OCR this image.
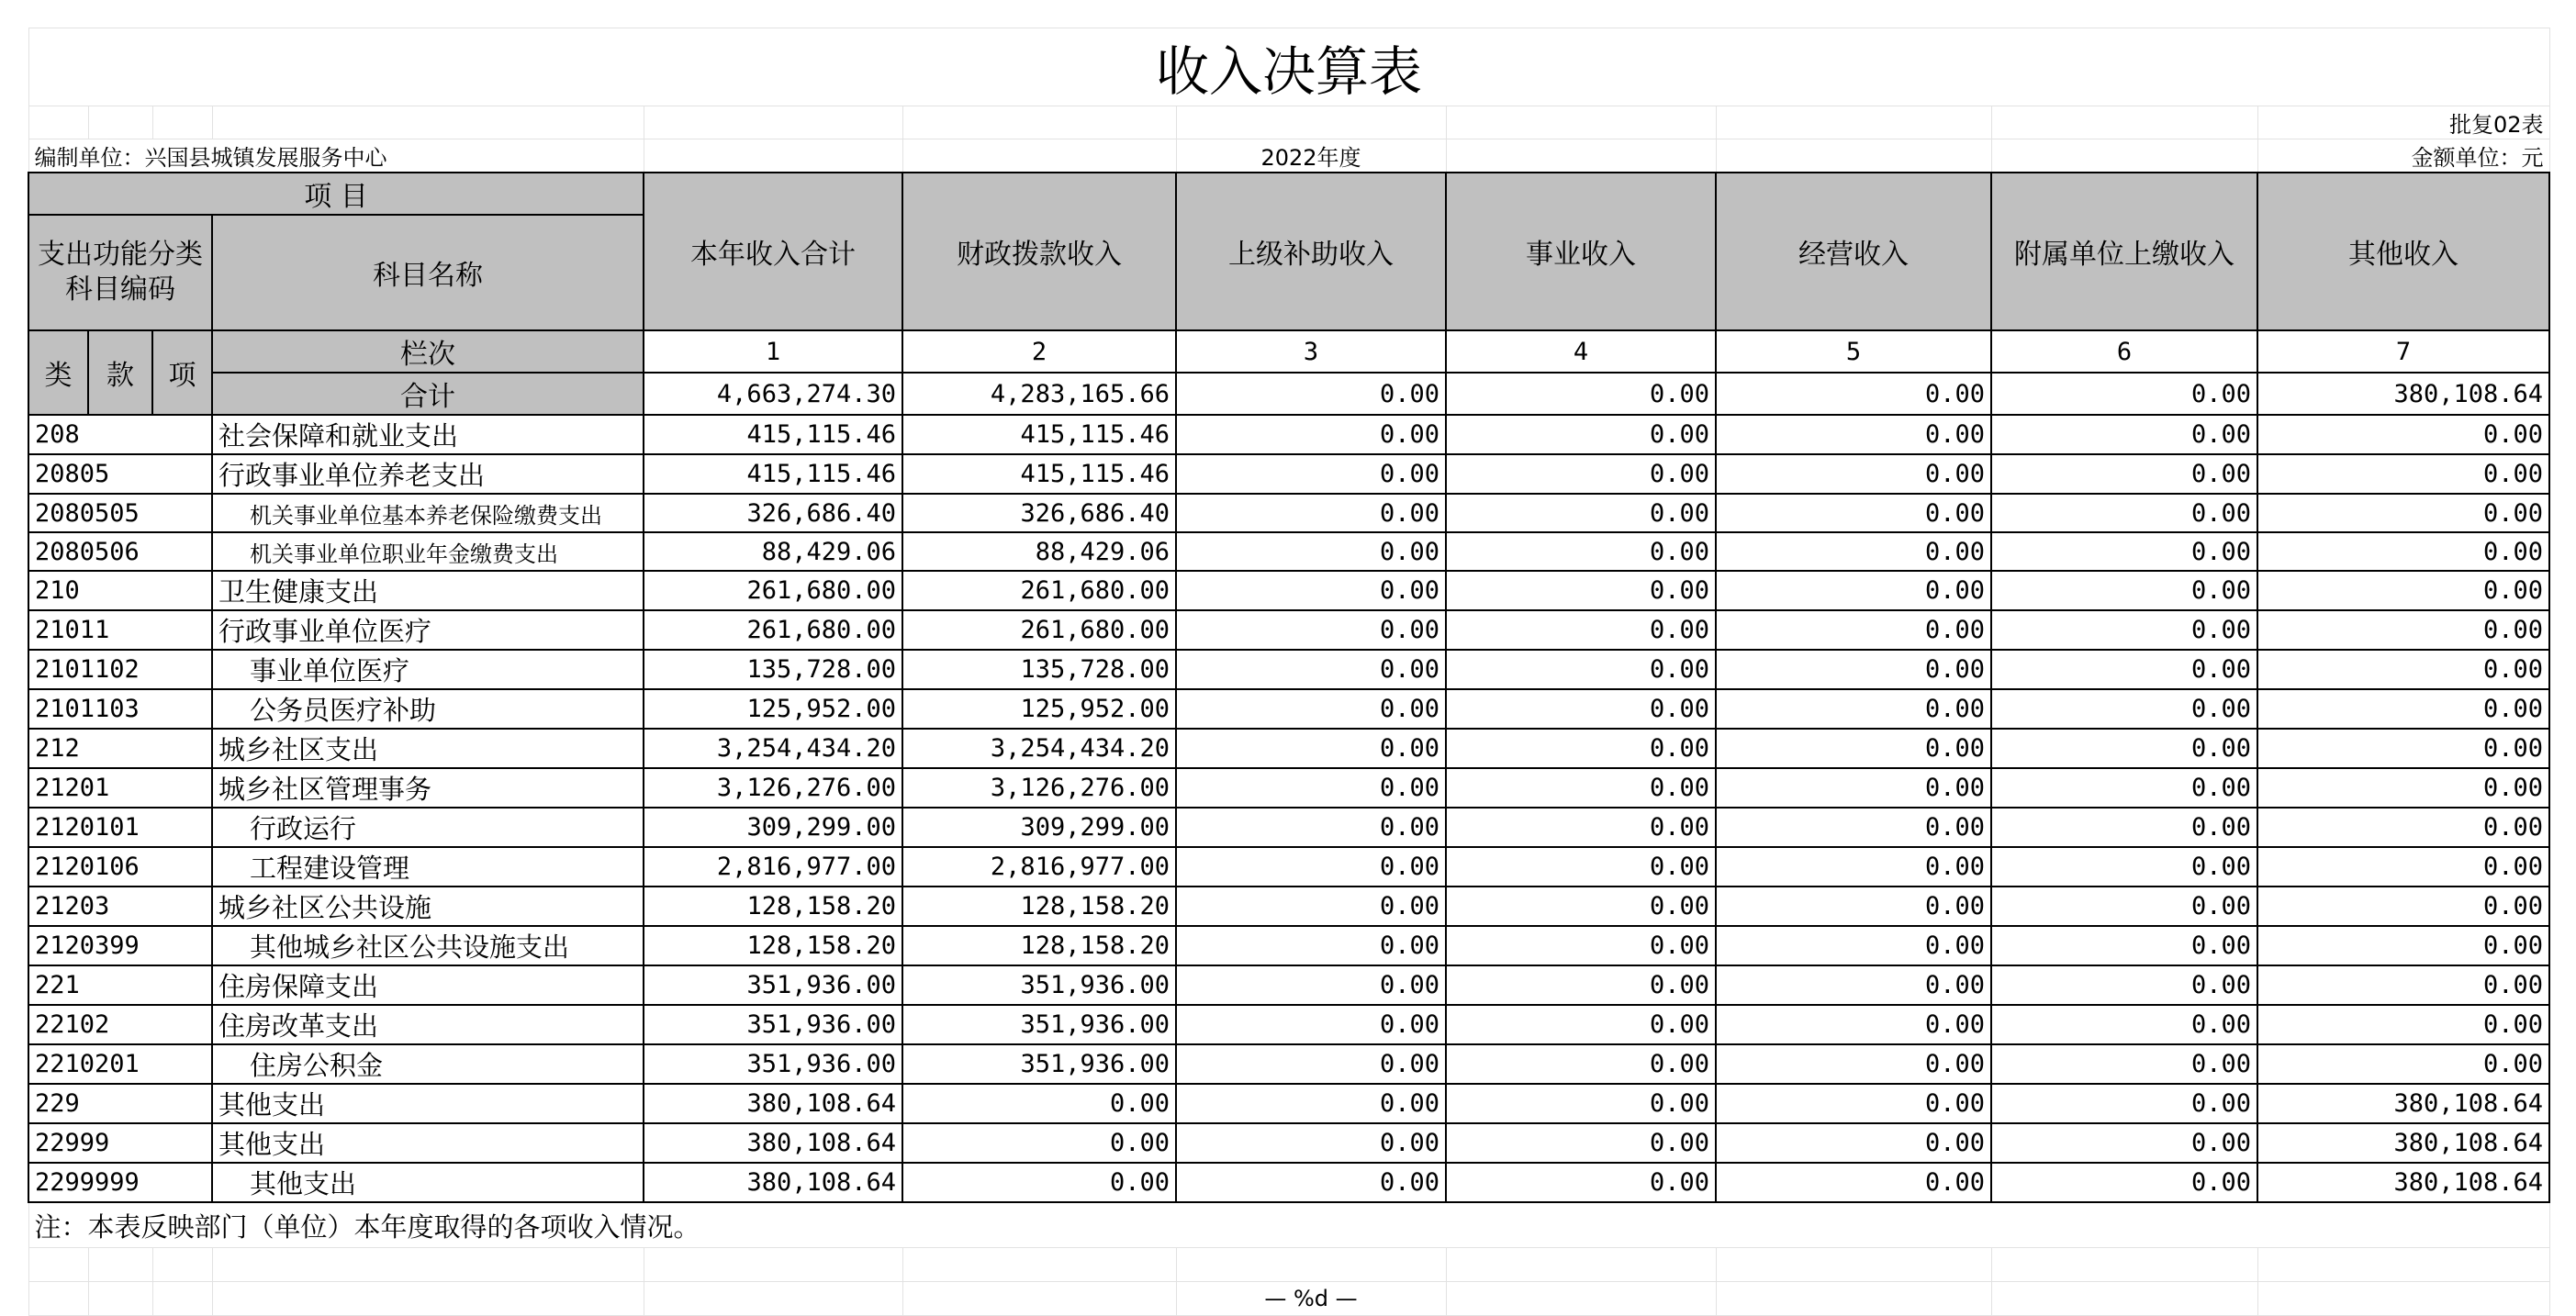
收入决算表										
										批复02表
编制单位：兴国县城镇发展服务中心						2022年度				金额单位：元
项 目				本年收入合计	财政拨款收入	上级补助收入	事业收入	经营收入	附属单位上缴收入	其他收入
支出功能分类科目编码			科目名称							
类	款	项	栏次	1	2	3	4	5	6	7
			合计	4,663,274.30	4,283,165.66	0.00	0.00	0.00	0.00	380,108.64
208			社会保障和就业支出	415,115.46	415,115.46	0.00	0.00	0.00	0.00	0.00
20805			行政事业单位养老支出	415,115.46	415,115.46	0.00	0.00	0.00	0.00	0.00
2080505			机关事业单位基本养老保险缴费支出	326,686.40	326,686.40	0.00	0.00	0.00	0.00	0.00
2080506			机关事业单位职业年金缴费支出	88,429.06	88,429.06	0.00	0.00	0.00	0.00	0.00
210			卫生健康支出	261,680.00	261,680.00	0.00	0.00	0.00	0.00	0.00
21011			行政事业单位医疗	261,680.00	261,680.00	0.00	0.00	0.00	0.00	0.00
2101102			事业单位医疗	135,728.00	135,728.00	0.00	0.00	0.00	0.00	0.00
2101103			公务员医疗补助	125,952.00	125,952.00	0.00	0.00	0.00	0.00	0.00
212			城乡社区支出	3,254,434.20	3,254,434.20	0.00	0.00	0.00	0.00	0.00
21201			城乡社区管理事务	3,126,276.00	3,126,276.00	0.00	0.00	0.00	0.00	0.00
2120101			行政运行	309,299.00	309,299.00	0.00	0.00	0.00	0.00	0.00
2120106			工程建设管理	2,816,977.00	2,816,977.00	0.00	0.00	0.00	0.00	0.00
21203			城乡社区公共设施	128,158.20	128,158.20	0.00	0.00	0.00	0.00	0.00
2120399			其他城乡社区公共设施支出	128,158.20	128,158.20	0.00	0.00	0.00	0.00	0.00
221			住房保障支出	351,936.00	351,936.00	0.00	0.00	0.00	0.00	0.00
22102			住房改革支出	351,936.00	351,936.00	0.00	0.00	0.00	0.00	0.00
2210201			住房公积金	351,936.00	351,936.00	0.00	0.00	0.00	0.00	0.00
229			其他支出	380,108.64	0.00	0.00	0.00	0.00	0.00	380,108.64
22999			其他支出	380,108.64	0.00	0.00	0.00	0.00	0.00	380,108.64
2299999			其他支出	380,108.64	0.00	0.00	0.00	0.00	0.00	380,108.64
注：本表反映部门（单位）本年度取得的各项收入情况。										

						— %d —				
